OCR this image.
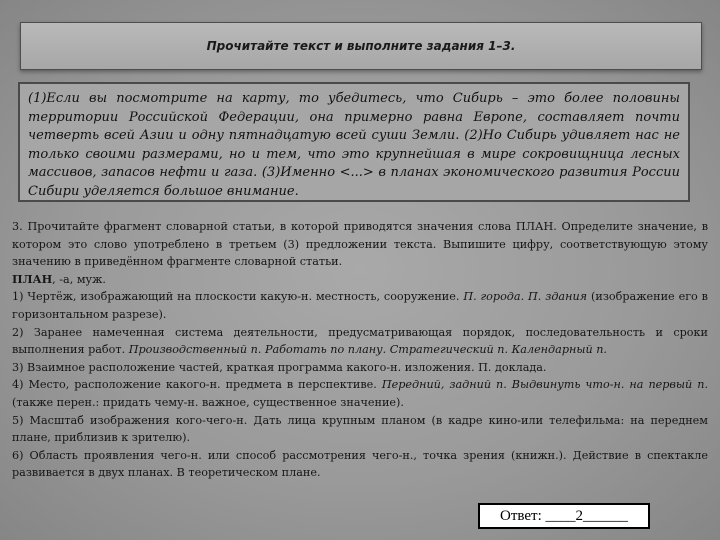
Прочитайте текст и выполните задания 1–3.

(1)Если вы посмотрите на карту, то убедитесь, что Сибирь – это более половины территории Российской Федерации, она примерно равна Европе, составляет почти четверть всей Азии и одну пятнадцатую всей суши Земли. (2)Но Сибирь удивляет нас не только своими размерами, но и тем, что это крупнейшая в мире сокровищница лесных массивов, запасов нефти и газа. (3)Именно <...> в планах экономического развития России Сибири уделяется большое внимание.

3. Прочитайте фрагмент словарной статьи, в которой приводятся значения слова ПЛАН. Определите значение, в котором это слово употреблено в третьем (3) предложении текста. Выпишите цифру, соответствующую этому значению в приведённом фрагменте словарной статьи.

ПЛАН, -а, муж.

1) Чертёж, изображающий на плоскости какую-н. местность, сооружение. П. города. П. здания (изображение его в горизонтальном разрезе).

2) Заранее намеченная система деятельности, предусматривающая порядок, последовательность и сроки выполнения работ. Производственный п. Работать по плану. Стратегический п. Календарный п.

3) Взаимное расположение частей, краткая программа какого-н. изложения. П. доклада.

4) Место, расположение какого-н. предмета в перспективе. Передний, задний п. Выдвинуть что-н. на первый п. (также перен.: придать чему-н. важное, существенное значение).

5) Масштаб изображения кого-чего-н. Дать лица крупным планом (в кадре кино-или телефильма: на переднем плане, приблизив к зрителю).

6) Область проявления чего-н. или способ рассмотрения чего-н., точка зрения (книжн.). Действие в спектакле развивается в двух планах. В теоретическом плане.

Ответ: ____2______
